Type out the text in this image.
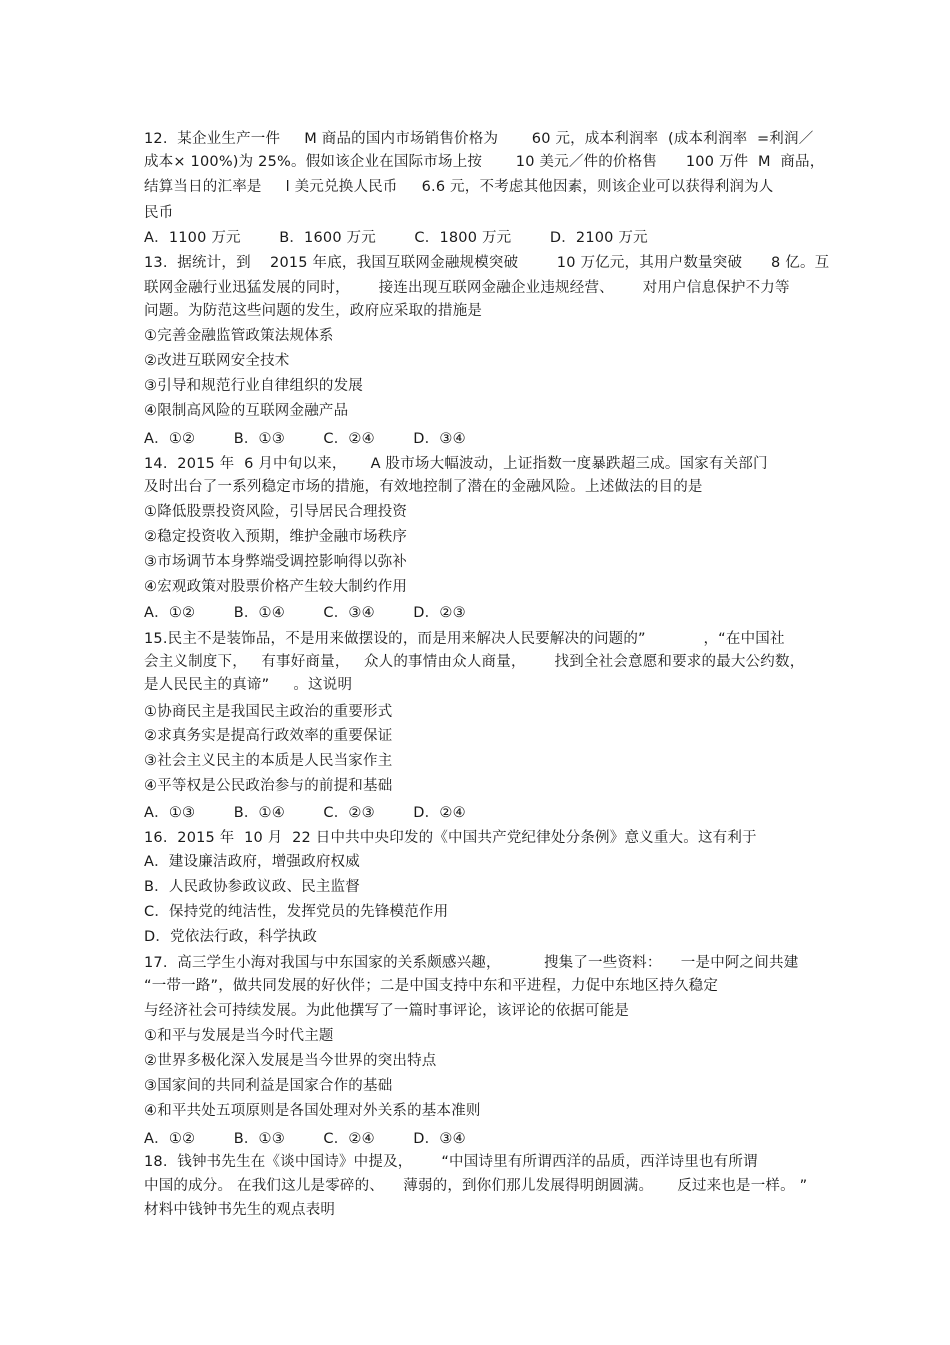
12.  某企业生产一件     M 商品的国内市场销售价格为       60 元，成本利润率  (成本利润率  =利润／
成本× 100%)为 25%。假如该企业在国际市场上按       10 美元／件的价格售      100 万件  M  商品，
结算当日的汇率是     l 美元兑换人民币     6.6 元，不考虑其他因素，则该企业可以获得利润为人
民币
A．1100 万元        B．1600 万元        C．1800 万元        D．2100 万元
13.  据统计，到    2015 年底，我国互联网金融规模突破        10 万亿元，其用户数量突破      8 亿。互
联网金融行业迅猛发展的同时，      接连出现互联网金融企业违规经营、      对用户信息保护不力等
问题。为防范这些问题的发生，政府应采取的措施是
①完善金融监管政策法规体系
②改进互联网安全技术
③引导和规范行业自律组织的发展
④限制高风险的互联网金融产品
A．①②        B．①③        C．②④        D．③④
14.  2015 年  6 月中旬以来，     A 股市场大幅波动，上证指数一度暴跌超三成。国家有关部门
及时出台了一系列稳定市场的措施，有效地控制了潜在的金融风险。上述做法的目的是
①降低股票投资风险，引导居民合理投资
②稳定投资收入预期，维护金融市场秩序
③市场调节本身弊端受调控影响得以弥补
④宏观政策对股票价格产生较大制约作用
A．①②        B．①④        C．③④        D．②③
15.民主不是装饰品，不是用来做摆设的，而是用来解决人民要解决的问题的”            ，“在中国社
会主义制度下，   有事好商量，   众人的事情由众人商量，      找到全社会意愿和要求的最大公约数，
是人民民主的真谛”     。这说明
①协商民主是我国民主政治的重要形式
②求真务实是提高行政效率的重要保证
③社会主义民主的本质是人民当家作主
④平等权是公民政治参与的前提和基础
A．①③        B．①④        C．②③        D．②④
16.  2015 年  10 月  22 日中共中央印发的《中国共产党纪律处分条例》意义重大。这有利于
A．建设廉洁政府，增强政府权威
B．人民政协参政议政、民主监督
C．保持党的纯洁性，发挥党员的先锋模范作用
D．党依法行政，科学执政
17.  高三学生小海对我国与中东国家的关系颇感兴趣，         搜集了一些资料：    一是中阿之间共建
“一带一路”，做共同发展的好伙伴；二是中国支持中东和平进程，力促中东地区持久稳定
与经济社会可持续发展。为此他撰写了一篇时事评论，该评论的依据可能是
①和平与发展是当今时代主题
②世界多极化深入发展是当今世界的突出特点
③国家间的共同利益是国家合作的基础
④和平共处五项原则是各国处理对外关系的基本准则
A．①②        B．①③        C．②④        D．③④
18.  钱钟书先生在《谈中国诗》中提及，      “中国诗里有所谓西洋的品质，西洋诗里也有所谓
中国的成分。 在我们这儿是零碎的、    薄弱的，到你们那儿发展得明朗圆满。     反过来也是一样。 ”
材料中钱钟书先生的观点表明
